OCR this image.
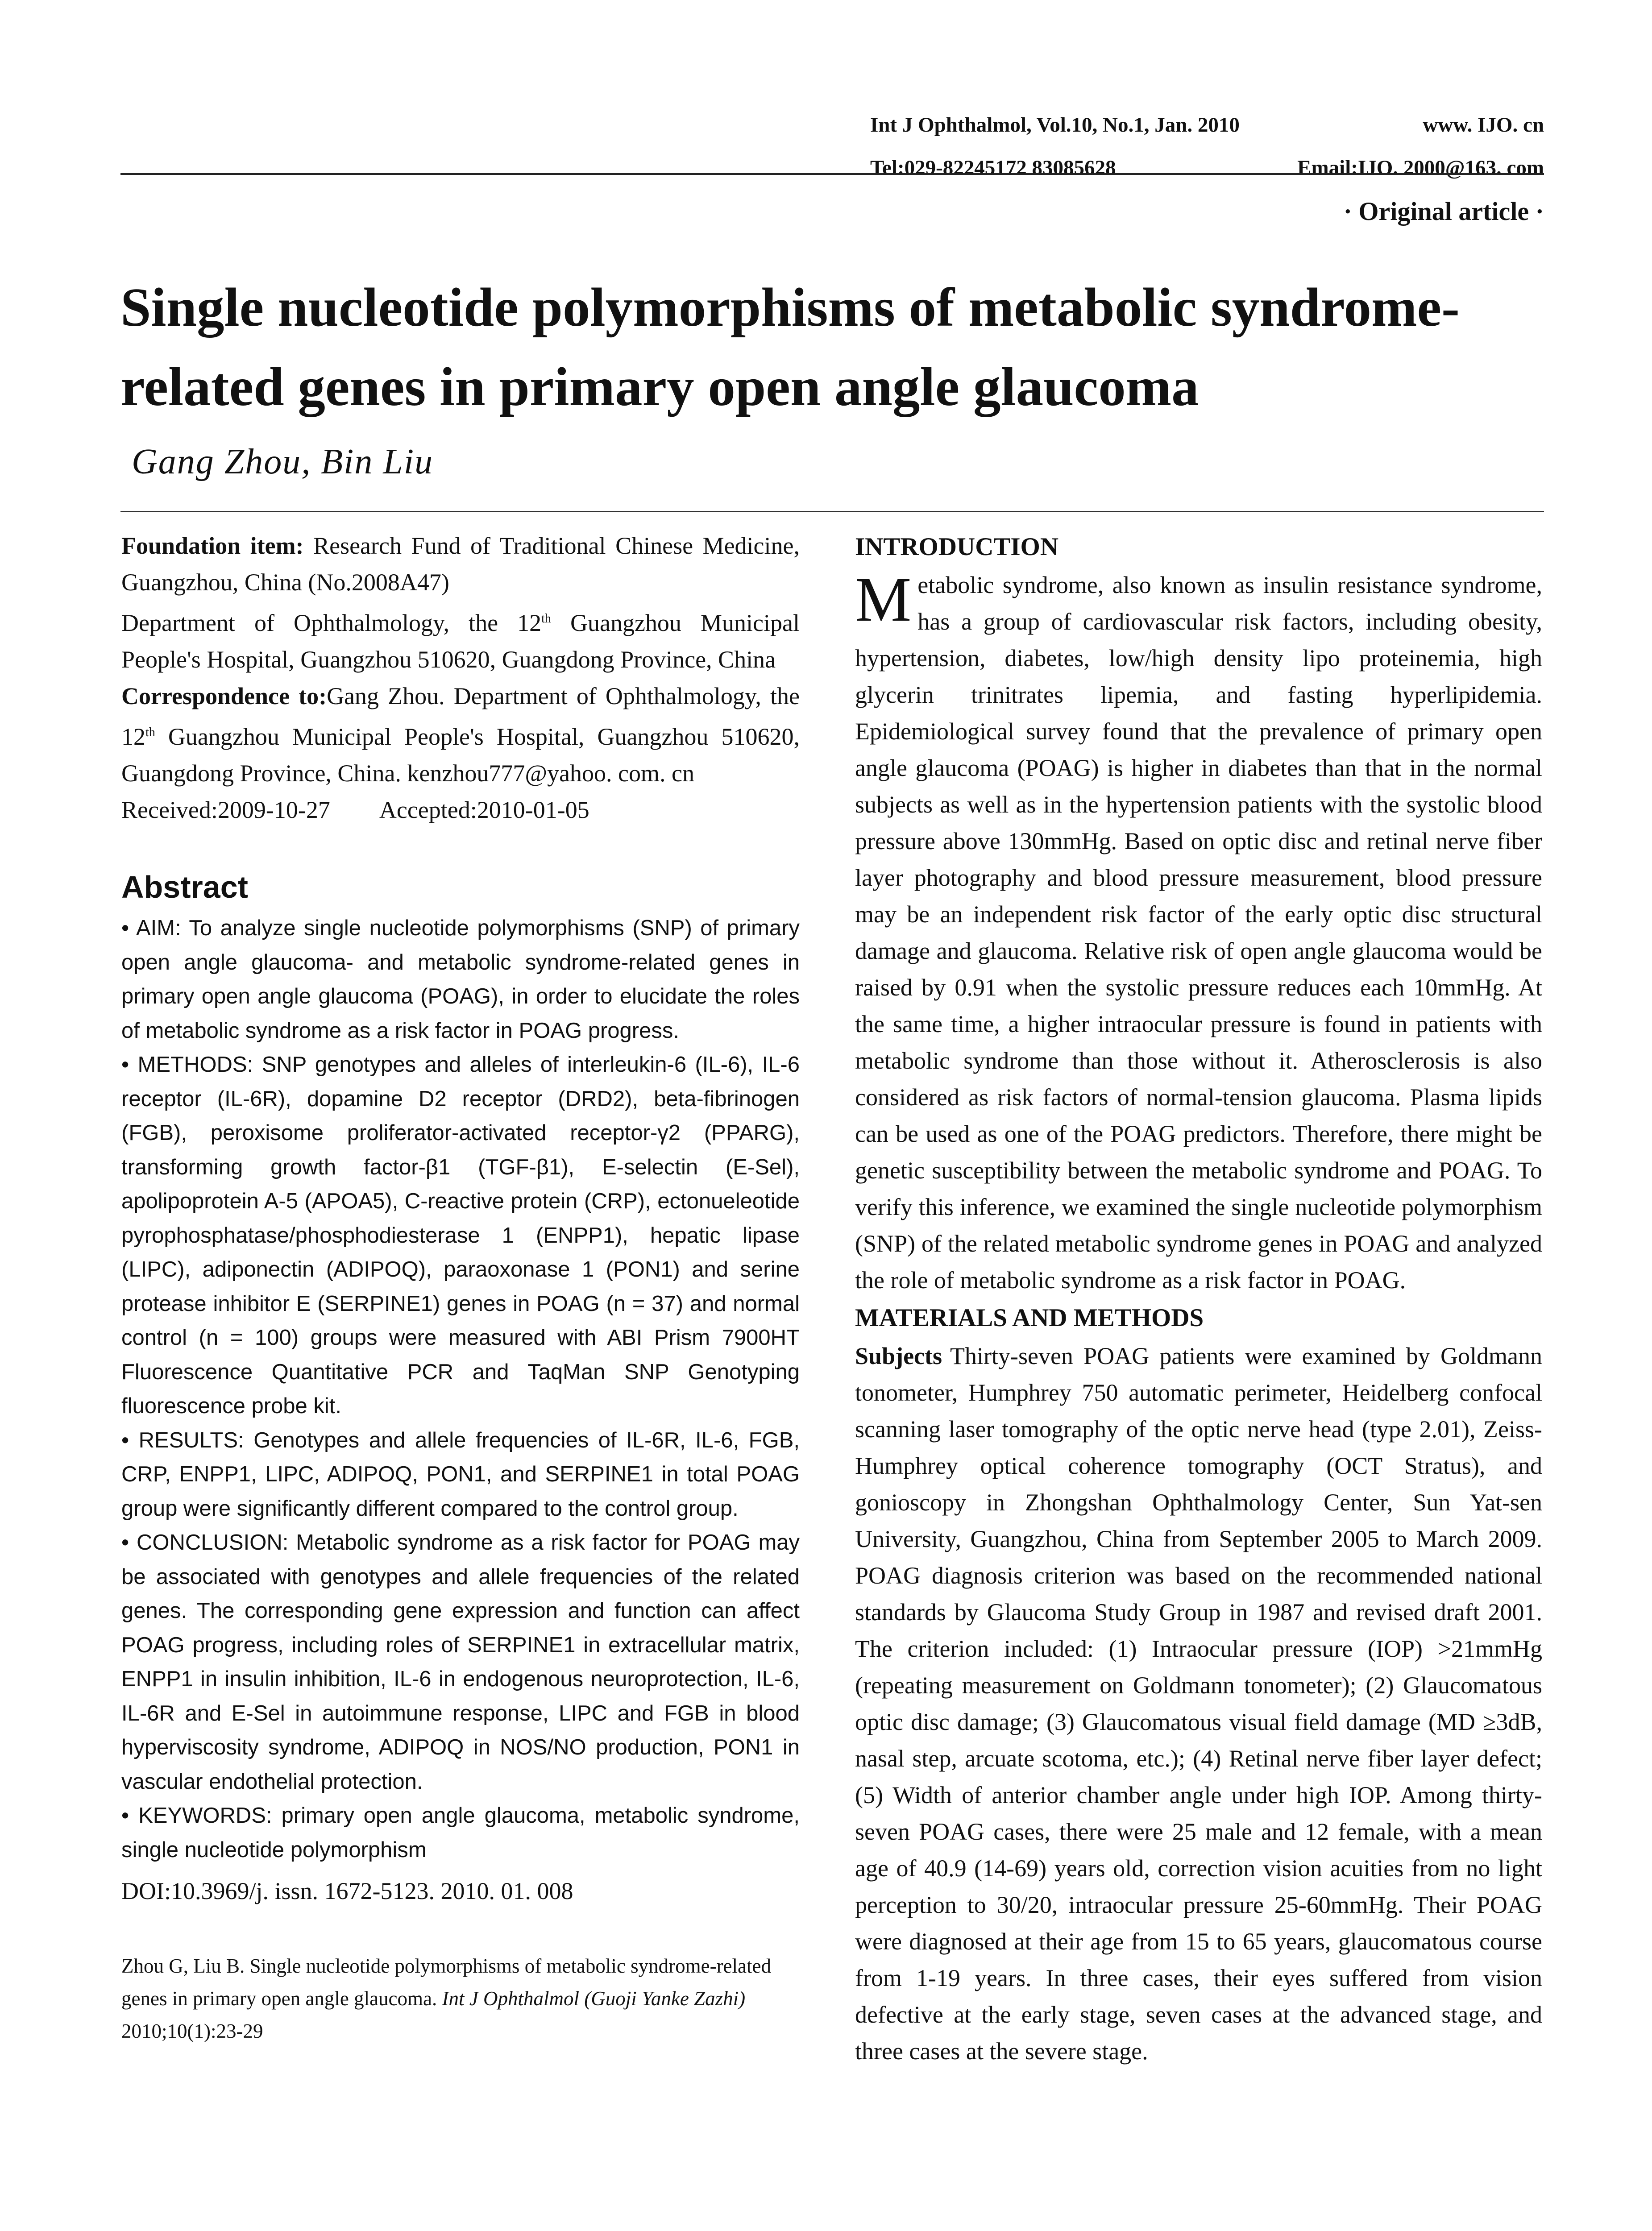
Int J Ophthalmol, Vol.10, No.1, Jan. 2010	www. IJO. cn
Tel:029-82245172 83085628	Email:IJO. 2000@163. com
· Original article ·
Single nucleotide polymorphisms of metabolic syndrome-related genes in primary open angle glaucoma
Gang Zhou, Bin Liu

Foundation item: Research Fund of Traditional Chinese Medicine, Guangzhou, China (No.2008A47)

Department of Ophthalmology, the 12th Guangzhou Municipal People's Hospital, Guangzhou 510620, Guangdong Province, China

Correspondence to:Gang Zhou. Department of Ophthalmology, the 12th Guangzhou Municipal People's Hospital, Guangzhou 510620, Guangdong Province, China. kenzhou777@yahoo. com. cn

Received:2009-10-27 Accepted:2010-01-05

Abstract

• AIM: To analyze single nucleotide polymorphisms (SNP) of primary open angle glaucoma- and metabolic syndrome-related genes in primary open angle glaucoma (POAG), in order to elucidate the roles of metabolic syndrome as a risk factor in POAG progress.

• METHODS: SNP genotypes and alleles of interleukin-6 (IL-6), IL-6 receptor (IL-6R), dopamine D2 receptor (DRD2), beta-fibrinogen (FGB), peroxisome proliferator-activated receptor-γ2 (PPARG), transforming growth factor-β1 (TGF-β1), E-selectin (E-Sel), apolipoprotein A-5 (APOA5), C-reactive protein (CRP), ectonueleotide pyrophosphatase/phosphodiesterase 1 (ENPP1), hepatic lipase (LIPC), adiponectin (ADIPOQ), paraoxonase 1 (PON1) and serine protease inhibitor E (SERPINE1) genes in POAG (n = 37) and normal control (n = 100) groups were measured with ABI Prism 7900HT Fluorescence Quantitative PCR and TaqMan SNP Genotyping fluorescence probe kit.

• RESULTS: Genotypes and allele frequencies of IL-6R, IL-6, FGB, CRP, ENPP1, LIPC, ADIPOQ, PON1, and SERPINE1 in total POAG group were significantly different compared to the control group.

• CONCLUSION: Metabolic syndrome as a risk factor for POAG may be associated with genotypes and allele frequencies of the related genes. The corresponding gene expression and function can affect POAG progress, including roles of SERPINE1 in extracellular matrix, ENPP1 in insulin inhibition, IL-6 in endogenous neuroprotection, IL-6, IL-6R and E-Sel in autoimmune response, LIPC and FGB in blood hyperviscosity syndrome, ADIPOQ in NOS/NO production, PON1 in vascular endothelial protection.

• KEYWORDS: primary open angle glaucoma, metabolic syndrome, single nucleotide polymorphism

DOI:10.3969/j. issn. 1672-5123. 2010. 01. 008

Zhou G, Liu B. Single nucleotide polymorphisms of metabolic syndrome-related genes in primary open angle glaucoma. Int J Ophthalmol (Guoji Yanke Zazhi) 2010;10(1):23-29

INTRODUCTION

Metabolic syndrome, also known as insulin resistance syndrome, has a group of cardiovascular risk factors, including obesity, hypertension, diabetes, low/high density lipo proteinemia, high glycerin trinitrates lipemia, and fasting hyperlipidemia. Epidemiological survey found that the prevalence of primary open angle glaucoma (POAG) is higher in diabetes than that in the normal subjects as well as in the hypertension patients with the systolic blood pressure above 130mmHg. Based on optic disc and retinal nerve fiber layer photography and blood pressure measurement, blood pressure may be an independent risk factor of the early optic disc structural damage and glaucoma. Relative risk of open angle glaucoma would be raised by 0.91 when the systolic pressure reduces each 10mmHg. At the same time, a higher intraocular pressure is found in patients with metabolic syndrome than those without it. Atherosclerosis is also considered as risk factors of normal-tension glaucoma. Plasma lipids can be used as one of the POAG predictors. Therefore, there might be genetic susceptibility between the metabolic syndrome and POAG. To verify this inference, we examined the single nucleotide polymorphism (SNP) of the related metabolic syndrome genes in POAG and analyzed the role of metabolic syndrome as a risk factor in POAG.

MATERIALS AND METHODS

Subjects Thirty-seven POAG patients were examined by Goldmann tonometer, Humphrey 750 automatic perimeter, Heidelberg confocal scanning laser tomography of the optic nerve head (type 2.01), Zeiss-Humphrey optical coherence tomography (OCT Stratus), and gonioscopy in Zhongshan Ophthalmology Center, Sun Yat-sen University, Guangzhou, China from September 2005 to March 2009. POAG diagnosis criterion was based on the recommended national standards by Glaucoma Study Group in 1987 and revised draft 2001. The criterion included: (1) Intraocular pressure (IOP) >21mmHg (repeating measurement on Goldmann tonometer); (2) Glaucomatous optic disc damage; (3) Glaucomatous visual field damage (MD ≥3dB, nasal step, arcuate scotoma, etc.); (4) Retinal nerve fiber layer defect; (5) Width of anterior chamber angle under high IOP. Among thirty-seven POAG cases, there were 25 male and 12 female, with a mean age of 40.9 (14-69) years old, correction vision acuities from no light perception to 30/20, intraocular pressure 25-60mmHg. Their POAG were diagnosed at their age from 15 to 65 years, glaucomatous course from 1-19 years. In three cases, their eyes suffered from vision defective at the early stage, seven cases at the advanced stage, and three cases at the severe stage.
